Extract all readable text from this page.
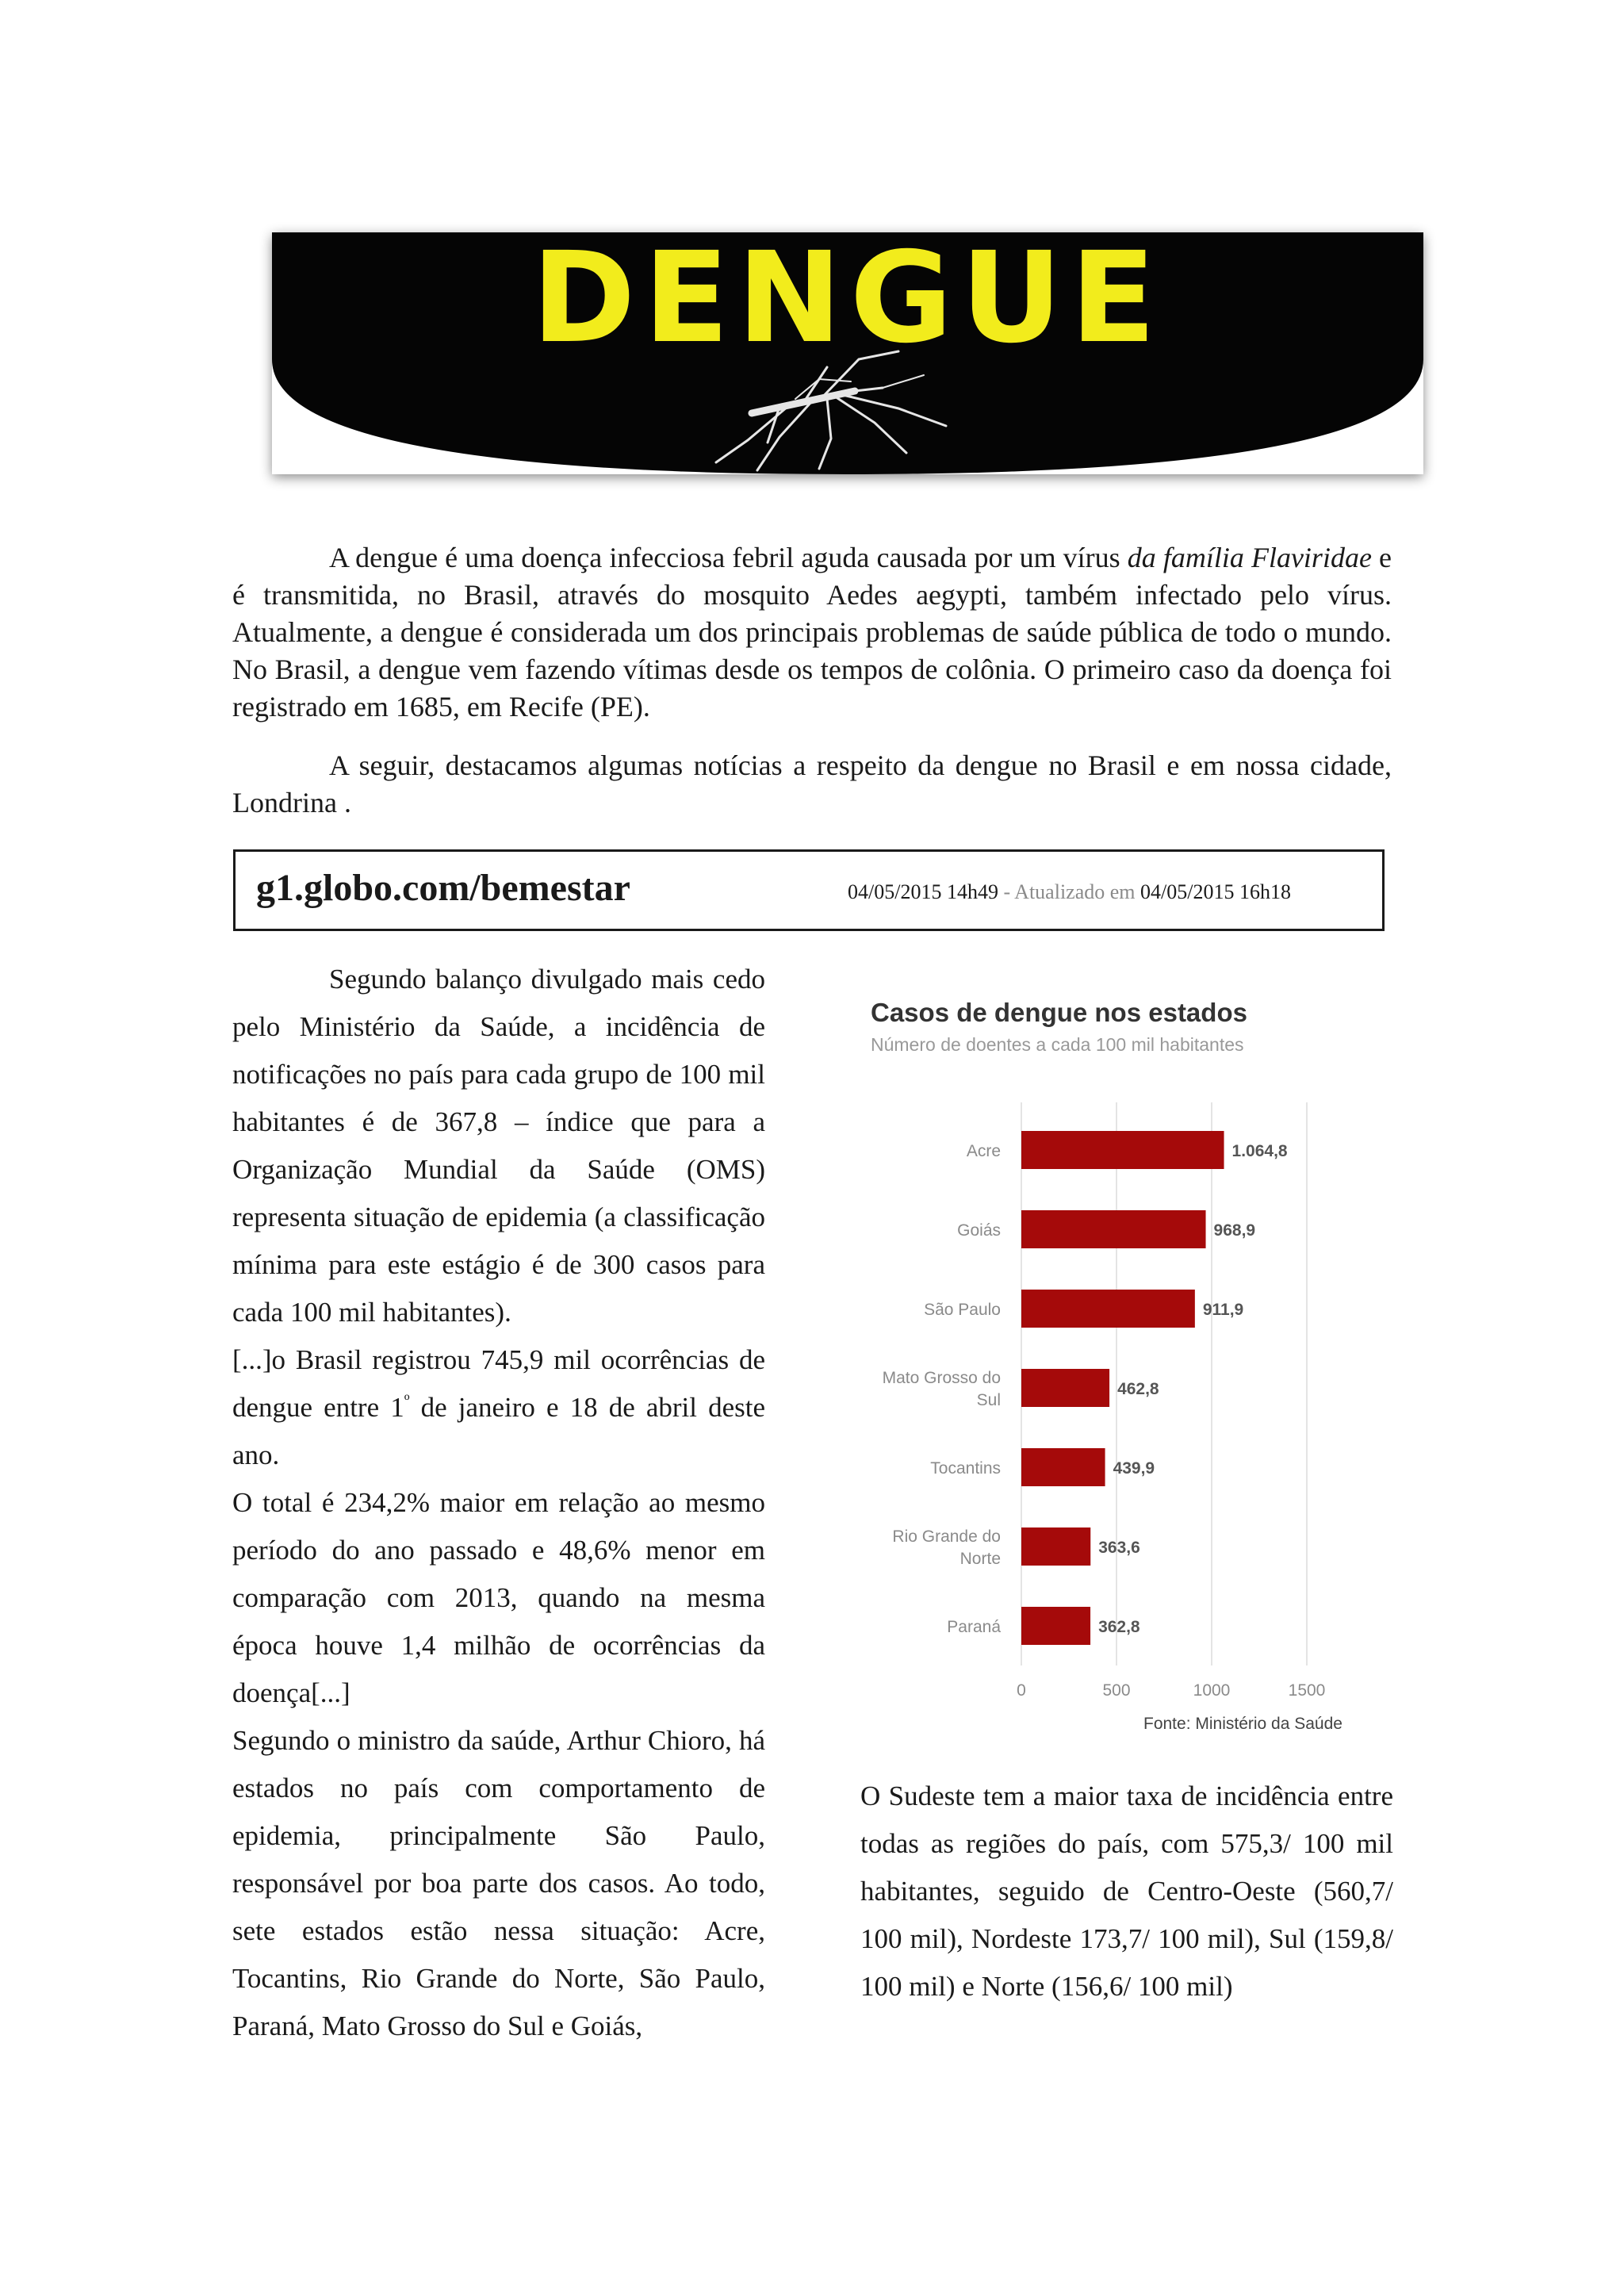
DENGUE

A dengue é uma doença infecciosa febril aguda causada por um vírus da família Flaviridae e é transmitida, no Brasil, através do mosquito Aedes aegypti, também infectado pelo vírus. Atualmente, a dengue é considerada um dos principais problemas de saúde pública de todo o mundo. No Brasil, a dengue vem fazendo vítimas desde os tempos de colônia. O primeiro caso da doença foi registrado em 1685, em Recife (PE).

A seguir, destacamos algumas notícias a respeito da dengue no Brasil e em nossa cidade, Londrina .

g1.globo.com/bemestar	04/05/2015 14h49 - Atualizado em 04/05/2015 16h18

Segundo balanço divulgado mais cedo pelo Ministério da Saúde, a incidência de notificações no país para cada grupo de 100 mil habitantes é de 367,8 – índice que para a Organização Mundial da Saúde (OMS) representa situação de epidemia (a classificação mínima para este estágio é de 300 casos para cada 100 mil habitantes).

[...]o Brasil registrou 745,9 mil ocorrências de dengue entre $1^º$ de janeiro e 18 de abril deste ano.

O total é 234,2% maior em relação ao mesmo período do ano passado e 48,6% menor em comparação com 2013, quando na mesma época houve 1,4 milhão de ocorrências da doença[...]

Segundo o ministro da saúde, Arthur Chioro, há estados no país com comportamento de epidemia, principalmente São Paulo, responsável por boa parte dos casos. Ao todo, sete estados estão nessa situação: Acre, Tocantins, Rio Grande do Norte, São Paulo, Paraná, Mato Grosso do Sul e Goiás,

Casos de dengue nos estados
Número de doentes a cada 100 mil habitantes
1.064,8
Acre
968,9
Goiás
911,9
São Paulo
462,8
Mato Grosso do
Sul
439,9
Tocantins
363,6
Rio Grande do
Norte
362,8
Paraná
0	500	1000	1500
Fonte: Ministério da Saúde

O Sudeste tem a maior taxa de incidência entre todas as regiões do país, com 575,3/ 100 mil habitantes, seguido de Centro-Oeste (560,7/ 100 mil), Nordeste 173,7/ 100 mil), Sul (159,8/ 100 mil) e Norte (156,6/ 100 mil)
